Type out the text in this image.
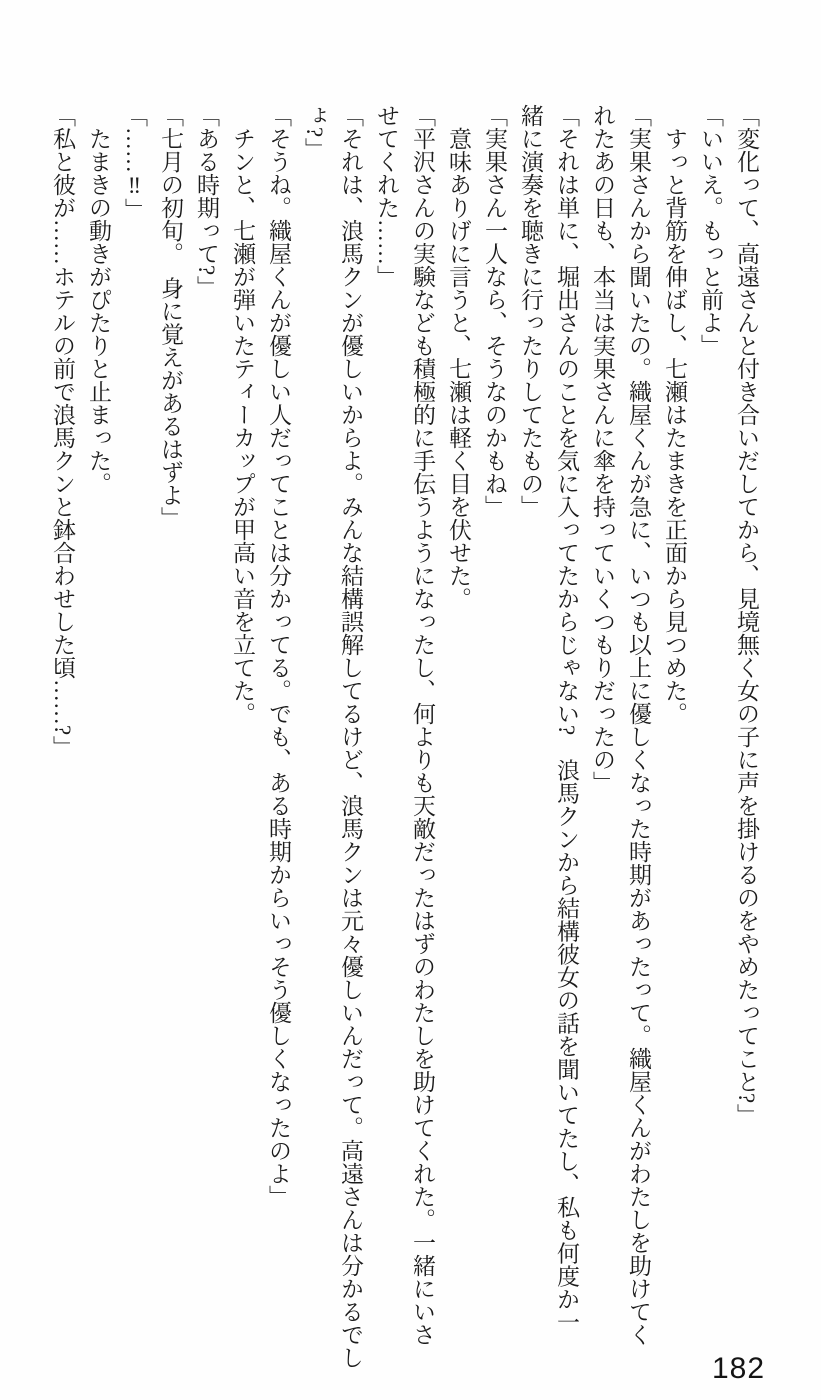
「変化って、高遠さんと付き合いだしてから、見境無く女の子に声を掛けるのをやめたってこと?」

「いいえ。もっと前よ」

すっと背筋を伸ばし、七瀬はたまきを正面から見つめた。

「実果さんから聞いたの。織屋くんが急に、いつも以上に優しくなった時期があったって。織屋くんがわたしを助けてく

れたあの日も、本当は実果さんに傘を持っていくつもりだったの」

「それは単に、堀出さんのことを気に入ってたからじゃない?　浪馬クンから結構彼女の話を聞いてたし、私も何度か一

緒に演奏を聴きに行ったりしてたもの」

「実果さん一人なら、そうなのかもね」

意味ありげに言うと、七瀬は軽く目を伏せた。

「平沢さんの実験なども積極的に手伝うようになったし、何よりも天敵だったはずのわたしを助けてくれた。一緒にいさ

せてくれた……」

「それは、浪馬クンが優しいからよ。みんな結構誤解してるけど、浪馬クンは元々優しいんだって。高遠さんは分かるでし

ょ?」

「そうね。織屋くんが優しい人だってことは分かってる。でも、ある時期からいっそう優しくなったのよ」

チンと、七瀬が弾いたティーカップが甲高い音を立てた。

「ある時期って?」

「七月の初旬。　身に覚えがあるはずよ」

「……‼」

たまきの動きがぴたりと止まった。

「私と彼が……ホテルの前で浪馬クンと鉢合わせした頃……?」

182
